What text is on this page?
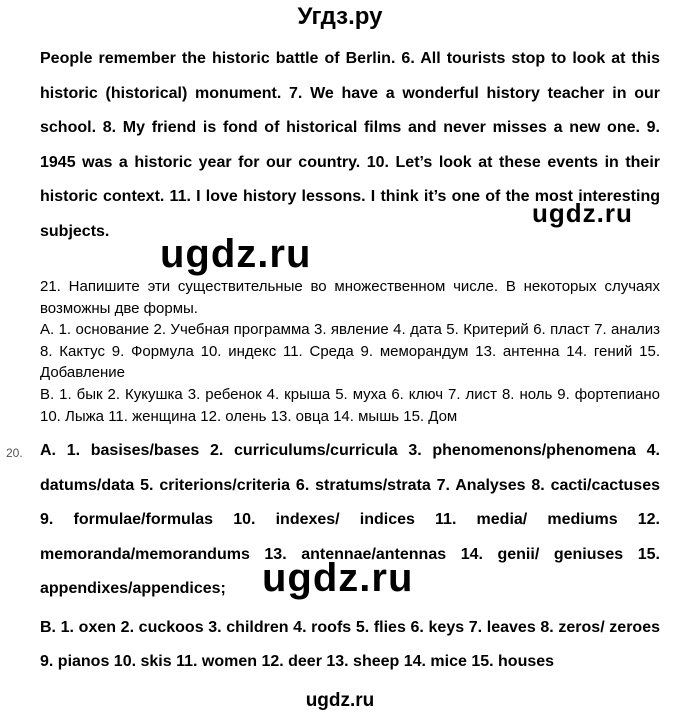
Угдз.ру

People remember the historic battle of Berlin. 6. All tourists stop to look at this historic (historical) monument. 7. We have a wonderful history teacher in our school. 8. My friend is fond of historical films and never misses a new one. 9. 1945 was a historic year for our country. 10. Let’s look at these events in their historic context. 11. I love history lessons. I think it’s one of the most interesting subjects.

ugdz.ru
ugdz.ru

21. Напишите эти существительные во множественном числе. В некоторых случаях возможны две формы.

А. 1. основание 2. Учебная программа 3. явление 4. дата 5. Критерий 6. пласт 7. анализ 8. Кактус 9. Формула 10. индекс 11. Среда 9. меморандум 13. антенна 14. гений 15. Добавление

В. 1. бык 2. Кукушка 3. ребенок 4. крыша 5. муха 6. ключ 7. лист 8. ноль 9. фортепиано 10. Лыжа 11. женщина 12. олень 13. овца 14. мышь 15. Дом

20. A. 1. basises/bases 2. curriculums/curricula 3. phenomenons/phenomena 4. datums/data 5. criterions/criteria 6. stratums/strata 7. Analyses 8. cacti/cactuses 9. formulae/formulas 10. indexes/ indices 11. media/ mediums 12. memoranda/memorandums 13. antennae/antennas 14. genii/ geniuses 15. appendixes/appendices;

B. 1. oxen 2. cuckoos 3. children 4. roofs 5. flies 6. keys 7. leaves 8. zeros/ zeroes 9. pianos 10. skis 11. women 12. deer 13. sheep 14. mice 15. houses

ugdz.ru
ugdz.ru
